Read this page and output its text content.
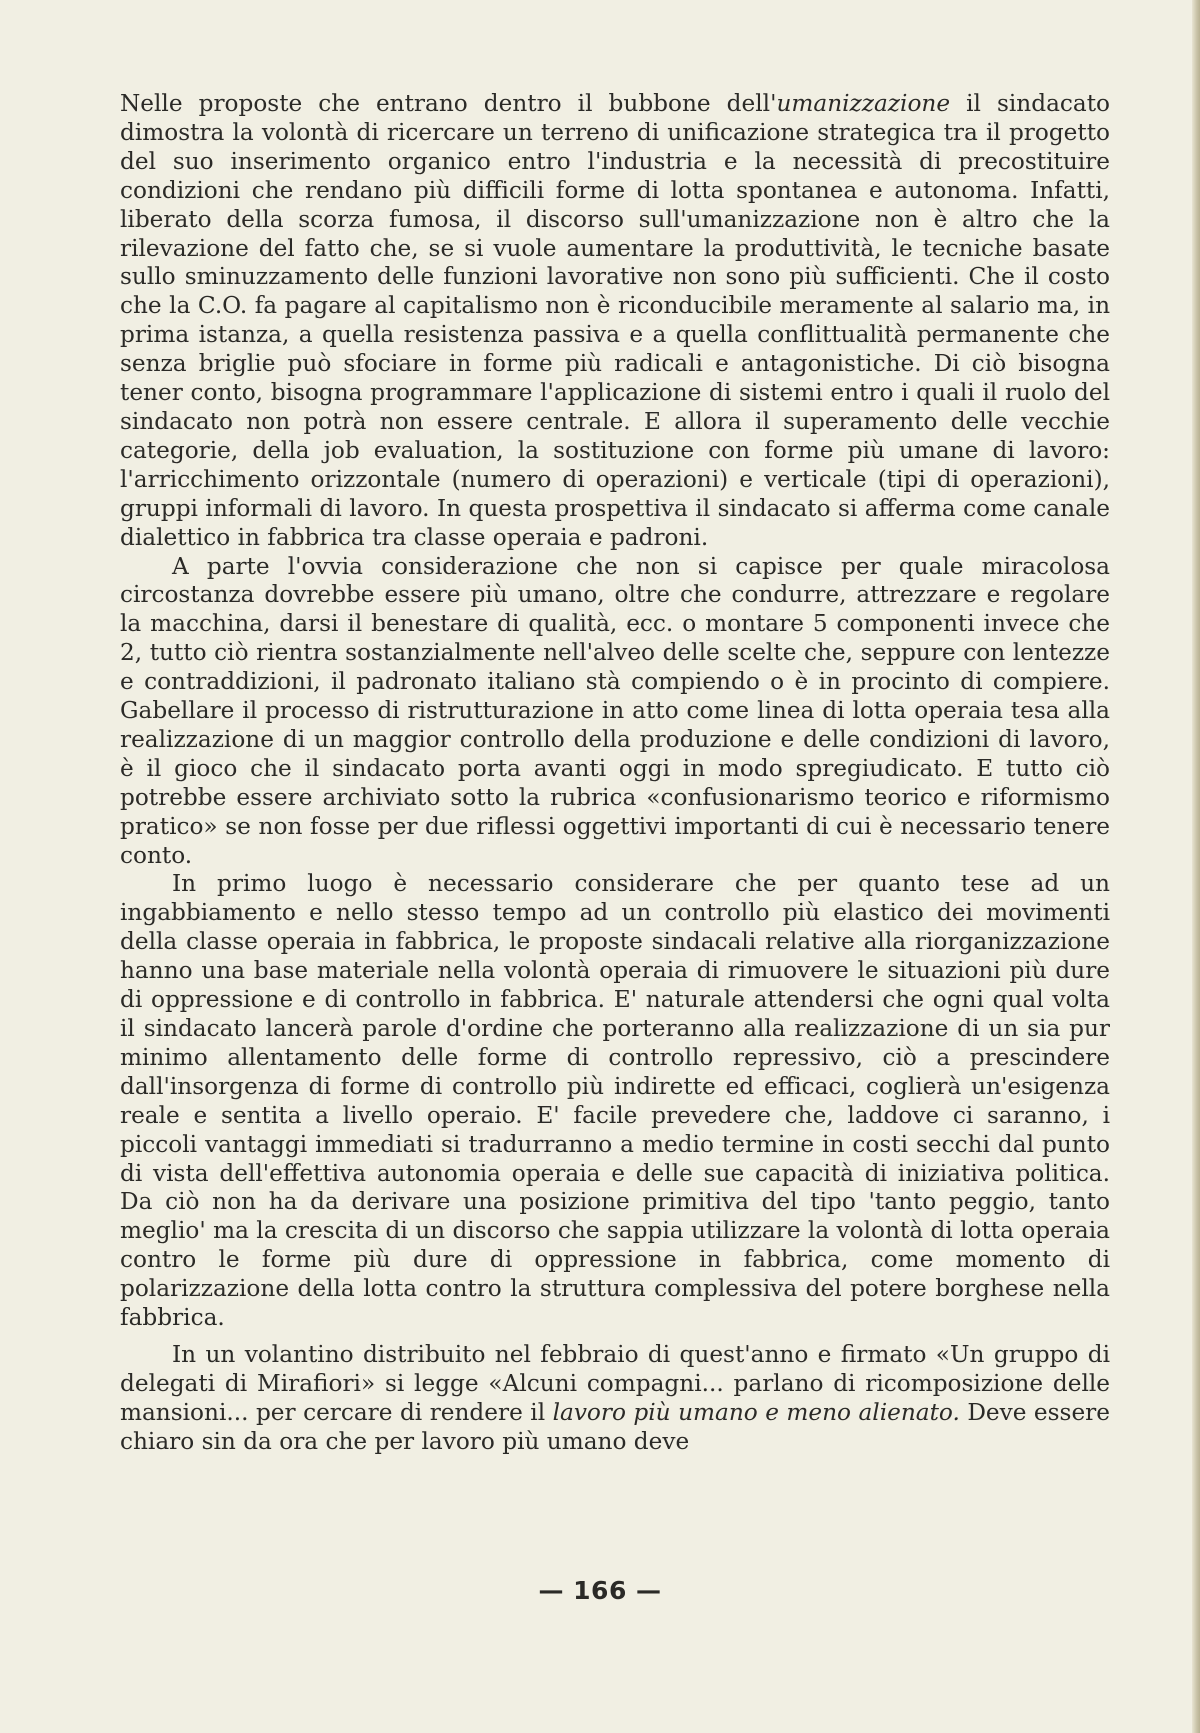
Nelle proposte che entrano dentro il bubbone dell'umanizzazione il sindacato dimostra la volontà di ricercare un terreno di unificazione strategica tra il progetto del suo inserimento organico entro l'industria e la necessità di precostituire condizioni che rendano più difficili forme di lotta spontanea e autonoma. Infatti, liberato della scorza fumosa, il discorso sull'umanizzazione non è altro che la rilevazione del fatto che, se si vuole aumentare la produttività, le tecniche basate sullo sminuzzamento delle funzioni lavorative non sono più sufficienti. Che il costo che la C.O. fa pagare al capitalismo non è riconducibile meramente al salario ma, in prima istanza, a quella resistenza passiva e a quella conflittualità permanente che senza briglie può sfociare in forme più radicali e antagonistiche. Di ciò bisogna tener conto, bisogna programmare l'applicazione di sistemi entro i quali il ruolo del sindacato non potrà non essere centrale. E allora il superamento delle vecchie categorie, della job evaluation, la sostituzione con forme più umane di lavoro: l'arricchimento orizzontale (numero di operazioni) e verticale (tipi di operazioni), gruppi informali di lavoro. In questa prospettiva il sindacato si afferma come canale dialettico in fabbrica tra classe operaia e padroni.

A parte l'ovvia considerazione che non si capisce per quale miracolosa circostanza dovrebbe essere più umano, oltre che condurre, attrezzare e regolare la macchina, darsi il benestare di qualità, ecc. o montare 5 componenti invece che 2, tutto ciò rientra sostanzialmente nell'alveo delle scelte che, seppure con lentezze e contraddizioni, il padronato italiano stà compiendo o è in procinto di compiere. Gabellare il processo di ristrutturazione in atto come linea di lotta operaia tesa alla realizzazione di un maggior controllo della produzione e delle condizioni di lavoro, è il gioco che il sindacato porta avanti oggi in modo spregiudicato. E tutto ciò potrebbe essere archiviato sotto la rubrica «confusionarismo teorico e riformismo pratico» se non fosse per due riflessi oggettivi importanti di cui è necessario tenere conto.

In primo luogo è necessario considerare che per quanto tese ad un ingabbiamento e nello stesso tempo ad un controllo più elastico dei movimenti della classe operaia in fabbrica, le proposte sindacali relative alla riorganizzazione hanno una base materiale nella volontà operaia di rimuovere le situazioni più dure di oppressione e di controllo in fabbrica. E' naturale attendersi che ogni qual volta il sindacato lancerà parole d'ordine che porteranno alla realizzazione di un sia pur minimo allentamento delle forme di controllo repressivo, ciò a prescindere dall'insorgenza di forme di controllo più indirette ed efficaci, coglierà un'esigenza reale e sentita a livello operaio. E' facile prevedere che, laddove ci saranno, i piccoli vantaggi immediati si tradurranno a medio termine in costi secchi dal punto di vista dell'effettiva autonomia operaia e delle sue capacità di iniziativa politica. Da ciò non ha da derivare una posizione primitiva del tipo 'tanto peggio, tanto meglio' ma la crescita di un discorso che sappia utilizzare la volontà di lotta operaia contro le forme più dure di oppressione in fabbrica, come momento di polarizzazione della lotta contro la struttura complessiva del potere borghese nella fabbrica.

In un volantino distribuito nel febbraio di quest'anno e firmato «Un gruppo di delegati di Mirafiori» si legge «Alcuni compagni... parlano di ricomposizione delle mansioni... per cercare di rendere il lavoro più umano e meno alienato. Deve essere chiaro sin da ora che per lavoro più umano deve

— 166 —
